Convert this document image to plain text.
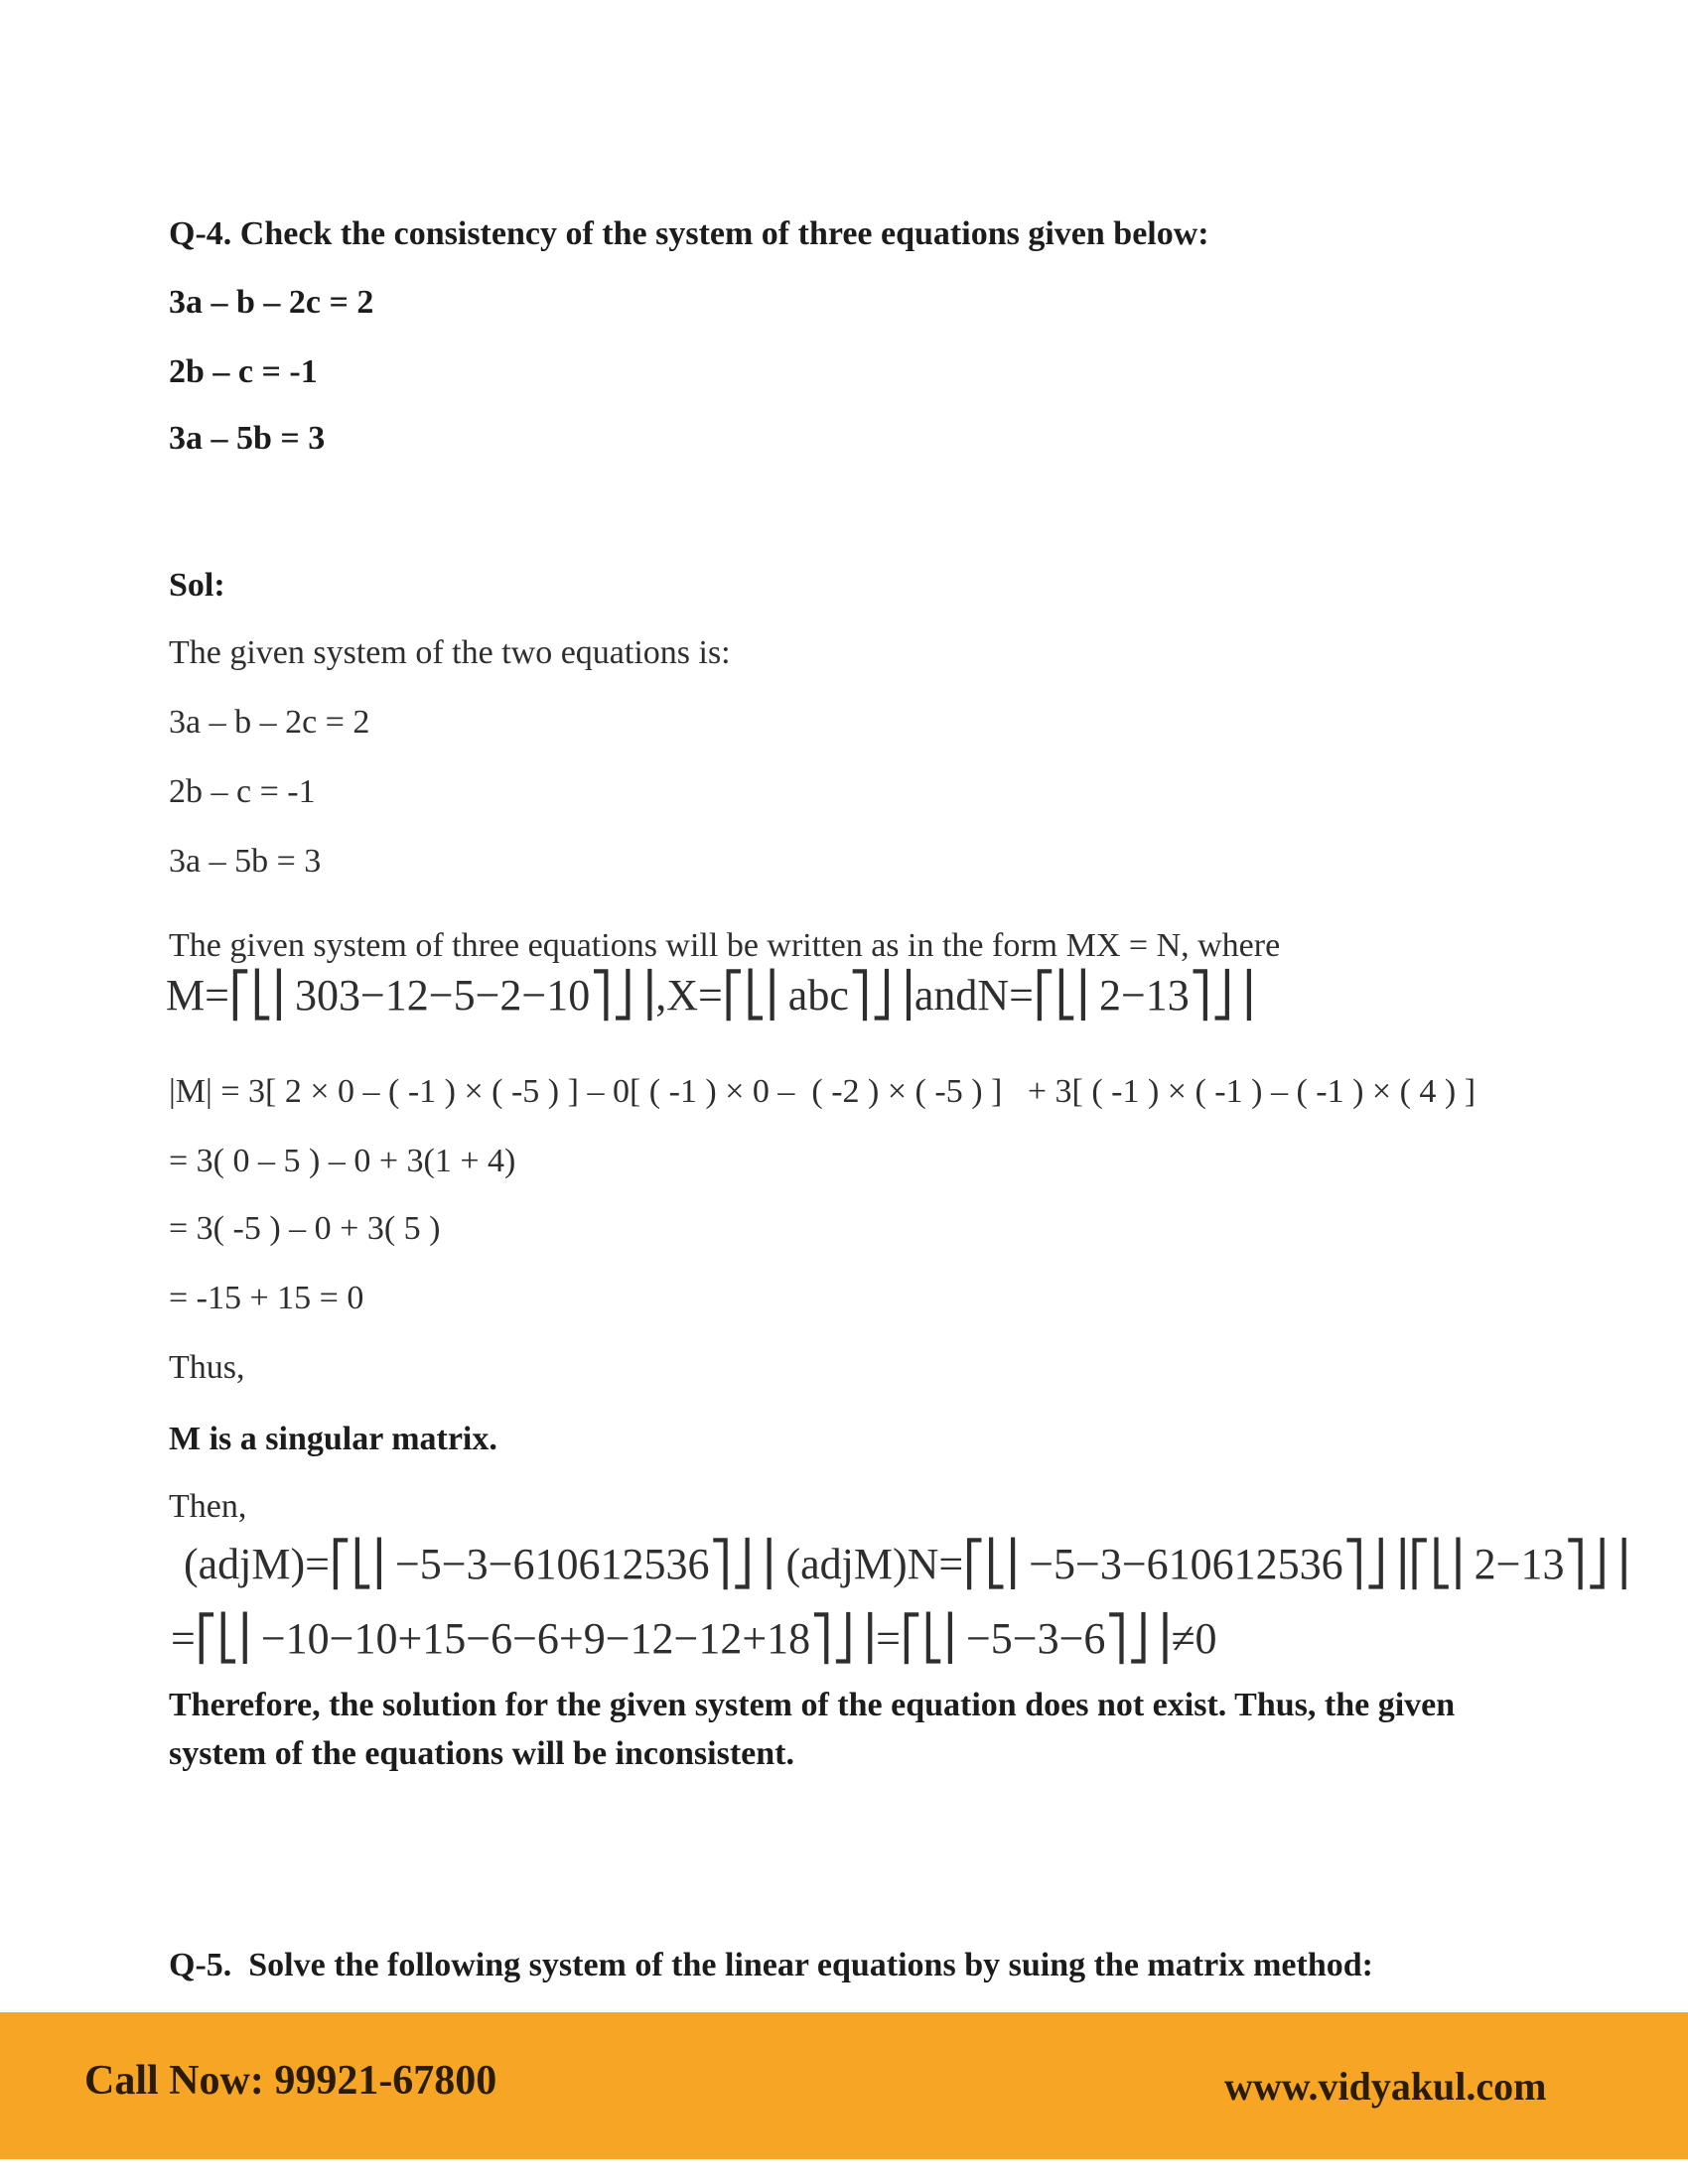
Q-4. Check the consistency of the system of three equations given below:
3a – b – 2c = 2
2b – c = -1
3a – 5b = 3
Sol:
The given system of the two equations is:
3a – b – 2c = 2
2b – c = -1
3a – 5b = 3
The given system of three equations will be written as in the form MX = N, where
M=⎡⎣⎢303−12−5−2−10⎤⎦⎥,X=⎡⎣⎢abc⎤⎦⎥andN=⎡⎣⎢2−13⎤⎦⎥
|M| = 3[ 2 × 0 – ( -1 ) × ( -5 ) ] – 0[ ( -1 ) × 0 –  ( -2 ) × ( -5 ) ]   + 3[ ( -1 ) × ( -1 ) – ( -1 ) × ( 4 ) ]
= 3( 0 – 5 ) – 0 + 3(1 + 4)
= 3( -5 ) – 0 + 3( 5 )
= -15 + 15 = 0
Thus,
M is a singular matrix.
Then,
(adjM)=⎡⎣⎢−5−3−610612536⎤⎦⎥ (adjM)N=⎡⎣⎢−5−3−610612536⎤⎦⎥⎡⎣⎢2−13⎤⎦⎥
=⎡⎣⎢−10−10+15−6−6+9−12−12+18⎤⎦⎥=⎡⎣⎢−5−3−6⎤⎦⎥≠0
Therefore, the solution for the given system of the equation does not exist. Thus, the given
system of the equations will be inconsistent.
Q-5.  Solve the following system of the linear equations by suing the matrix method:
Call Now: 99921-67800	www.vidyakul.com
